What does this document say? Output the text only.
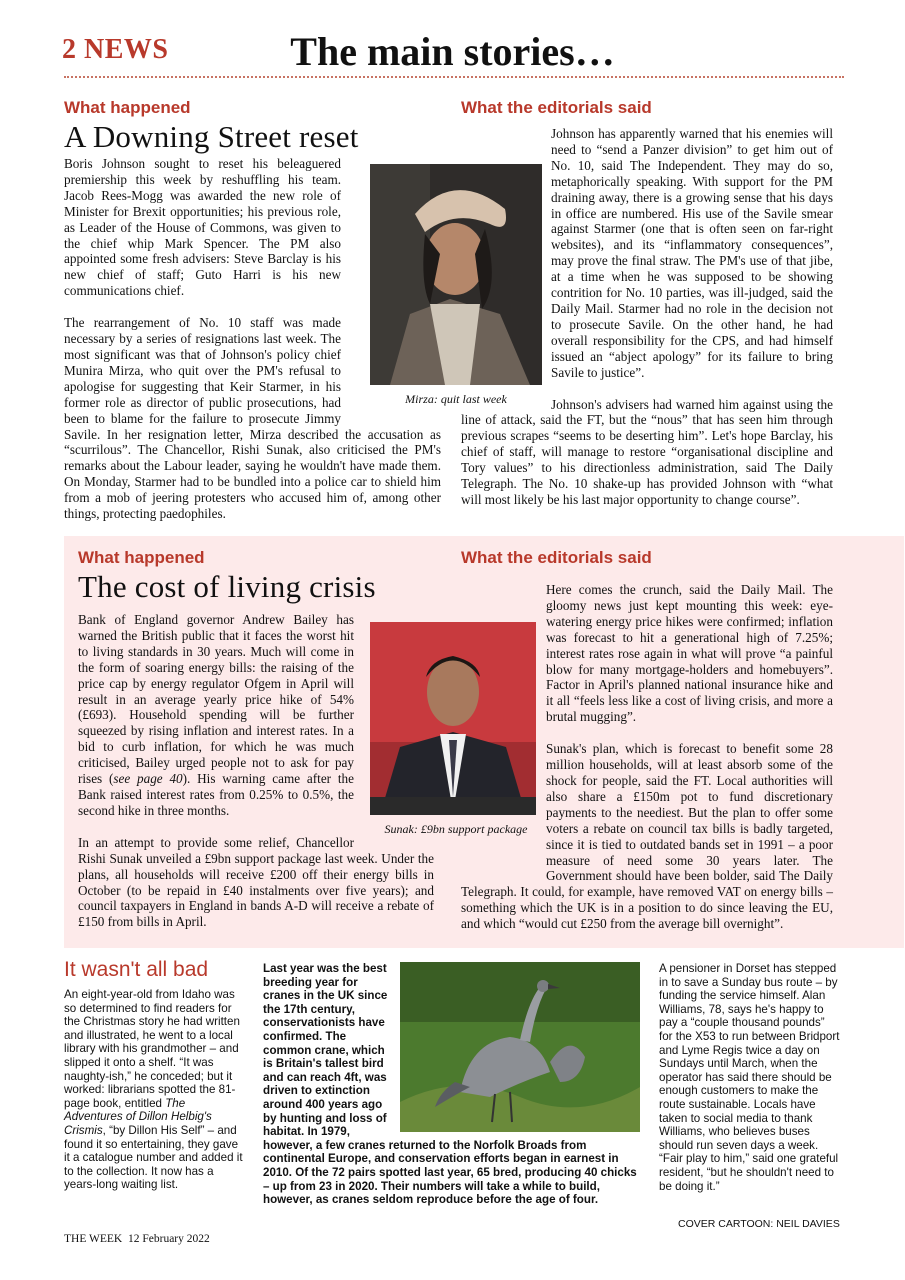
2 NEWS	The main stories…
What happened
A Downing Street reset

Boris Johnson sought to reset his beleaguered premiership this week by reshuffling his team. Jacob Rees-Mogg was awarded the new role of Minister for Brexit opportunities; his previous role, as Leader of the House of Commons, was given to the chief whip Mark Spencer. The PM also appointed some fresh advisers: Steve Barclay is his new chief of staff; Guto Harri is his new communications chief.

The rearrangement of No. 10 staff was made necessary by a series of resignations last week. The most significant was that of Johnson's policy chief Munira Mirza, who quit over the PM's refusal to apologise for suggesting that Keir Starmer, in his former role as director of public prosecutions, had been to blame for the failure to prosecute Jimmy Savile. In her resignation letter, Mirza described the accusation as “scurrilous”. The Chancellor, Rishi Sunak, also criticised the PM's remarks about the Labour leader, saying he wouldn't have made them. On Monday, Starmer had to be bundled into a police car to shield him from a mob of jeering protesters who accused him of, among other things, protecting paedophiles.

Mirza: quit last week
What the editorials said

Johnson has apparently warned that his enemies will need to “send a Panzer division” to get him out of No. 10, said The Independent. They may do so, metaphorically speaking. With support for the PM draining away, there is a growing sense that his days in office are numbered. His use of the Savile smear against Starmer (one that is often seen on far-right websites), and its “inflammatory consequences”, may prove the final straw. The PM's use of that jibe, at a time when he was supposed to be showing contrition for No. 10 parties, was ill-judged, said the Daily Mail. Starmer had no role in the decision not to prosecute Savile. On the other hand, he had overall responsibility for the CPS, and had himself issued an “abject apology” for its failure to bring Savile to justice”.

Johnson's advisers had warned him against using the line of attack, said the FT, but the “nous” that has seen him through previous scrapes “seems to be deserting him”. Let's hope Barclay, his chief of staff, will manage to restore “organisational discipline and Tory values” to his directionless administration, said The Daily Telegraph. The No. 10 shake-up has provided Johnson with “what will most likely be his last major opportunity to change course”.

What happened
The cost of living crisis

Bank of England governor Andrew Bailey has warned the British public that it faces the worst hit to living standards in 30 years. Much will come in the form of soaring energy bills: the raising of the price cap by energy regulator Ofgem in April will result in an average yearly price hike of 54% (£693). Household spending will be further squeezed by rising inflation and interest rates. In a bid to curb inflation, for which he was much criticised, Bailey urged people not to ask for pay rises (see page 40). His warning came after the Bank raised interest rates from 0.25% to 0.5%, the second hike in three months.

In an attempt to provide some relief, Chancellor Rishi Sunak unveiled a £9bn support package last week. Under the plans, all households will receive £200 off their energy bills in October (to be repaid in £40 instalments over five years); and council taxpayers in England in bands A-D will receive a rebate of £150 from bills in April.

Sunak: £9bn support package
What the editorials said

Here comes the crunch, said the Daily Mail. The gloomy news just kept mounting this week: eye-watering energy price hikes were confirmed; inflation was forecast to hit a generational high of 7.25%; interest rates rose again in what will prove “a painful blow for many mortgage-holders and homebuyers”. Factor in April's planned national insurance hike and it all “feels less like a cost of living crisis, and more a brutal mugging”.

Sunak's plan, which is forecast to benefit some 28 million households, will at least absorb some of the shock for people, said the FT. Local authorities will also share a £150m pot to fund discretionary payments to the neediest. But the plan to offer some voters a rebate on council tax bills is badly targeted, since it is tied to outdated bands set in 1991 – a poor measure of need some 30 years later. The Government should have been bolder, said The Daily Telegraph. It could, for example, have removed VAT on energy bills – something which the UK is in a position to do since leaving the EU, and which “would cut £250 from the average bill overnight”.

It wasn't all bad
An eight-year-old from Idaho was so determined to find readers for the Christmas story he had written and illustrated, he went to a local library with his grandmother – and slipped it onto a shelf. “It was naughty-ish,” he conceded; but it worked: librarians spotted the 81-page book, entitled The Adventures of Dillon Helbig's Crismis, “by Dillon His Self” – and found it so entertaining, they gave it a catalogue number and added it to the collection. It now has a years-long waiting list.
Last year was the best breeding year for cranes in the UK since the 17th century, conservationists have confirmed. The common crane, which is Britain's tallest bird and can reach 4ft, was driven to extinction around 400 years ago by hunting and loss of habitat. In 1979, however, a few cranes returned to the Norfolk Broads from continental Europe, and conservation efforts began in earnest in 2010. Of the 72 pairs spotted last year, 65 bred, producing 40 chicks – up from 23 in 2020. Their numbers will take a while to build, however, as cranes seldom reproduce before the age of four.
A pensioner in Dorset has stepped in to save a Sunday bus route – by funding the service himself. Alan Williams, 78, says he's happy to pay a “couple thousand pounds” for the X53 to run between Bridport and Lyme Regis twice a day on Sundays until March, when the operator has said there should be enough customers to make the route sustainable. Locals have taken to social media to thank Williams, who believes buses should run seven days a week. “Fair play to him,” said one grateful resident, “but he shouldn't need to be doing it.”
COVER CARTOON: NEIL DAVIES
THE WEEK 12 February 2022
